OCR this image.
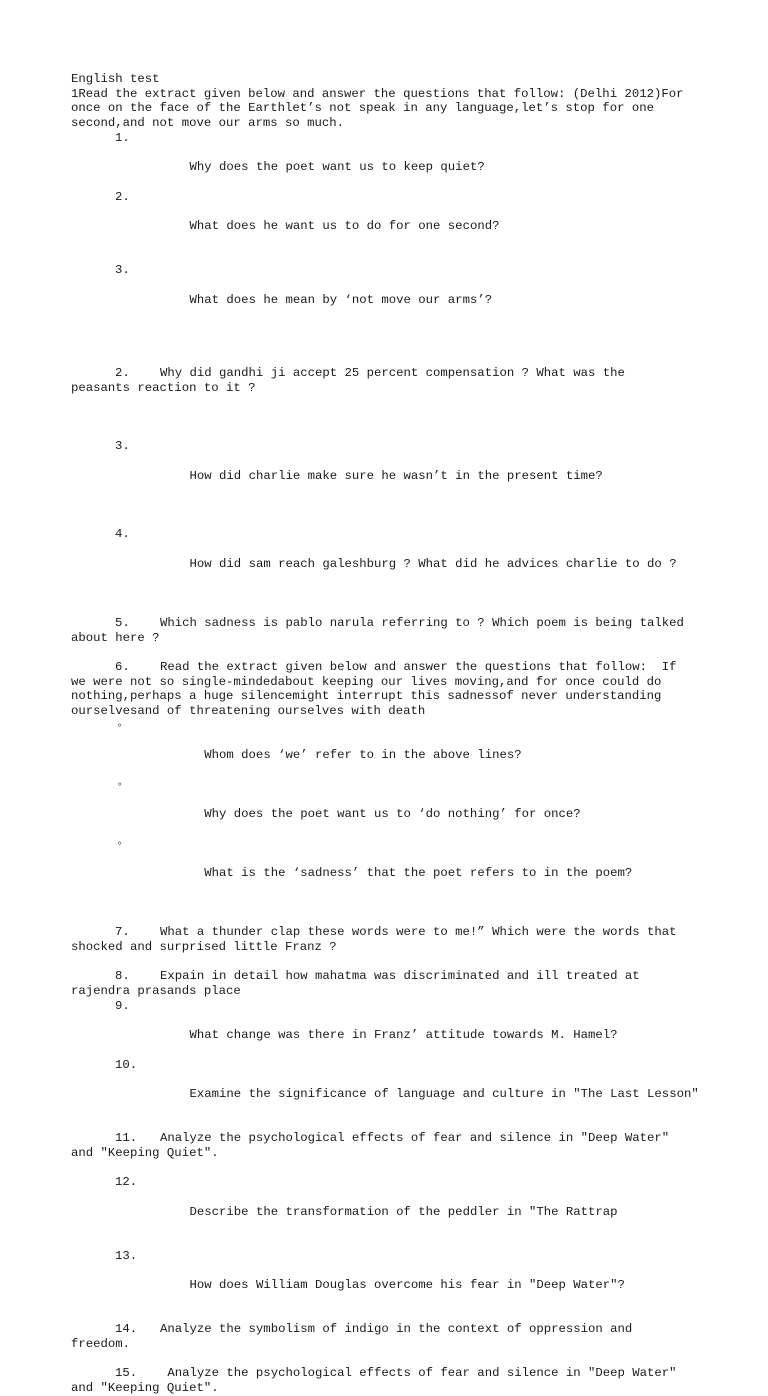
English test
1Read the extract given below and answer the questions that follow: (Delhi 2012)For
once on the face of the Earthlet’s not speak in any language,let’s stop for one
second,and not move our arms so much.

1.

Why does the poet want us to keep quiet?

2.

What does he want us to do for one second?

3.

What does he mean by ‘not move our arms’?

2. Why did gandhi ji accept 25 percent compensation ? What was the
peasants reaction to it ?

3.

How did charlie make sure he wasn’t in the present time?

4.

How did sam reach galeshburg ? What did he advices charlie to do ?

5. Which sadness is pablo narula referring to ? Which poem is being talked
about here ?
6. Read the extract given below and answer the questions that follow:  If
we were not so single-mindedabout keeping our lives moving,and for once could do
nothing,perhaps a huge silencemight interrupt this sadnessof never understanding
ourselvesand of threatening ourselves with death

◦

Whom does ‘we’ refer to in the above lines?

◦

Why does the poet want us to ‘do nothing’ for once?

◦

What is the ‘sadness’ that the poet refers to in the poem?

7. What a thunder clap these words were to me!” Which were the words that
shocked and surprised little Franz ?
8. Expain in detail how mahatma was discriminated and ill treated at
rajendra prasands place

9.

What change was there in Franz’ attitude towards M. Hamel?

10.

Examine the significance of language and culture in "The Last Lesson"

11. Analyze the psychological effects of fear and silence in "Deep Water"
and "Keeping Quiet".

12.

Describe the transformation of the peddler in "The Rattrap

13.

How does William Douglas overcome his fear in "Deep Water"?

14. Analyze the symbolism of indigo in the context of oppression and
freedom.
15. Analyze the psychological effects of fear and silence in "Deep Water"
and "Keeping Quiet".
